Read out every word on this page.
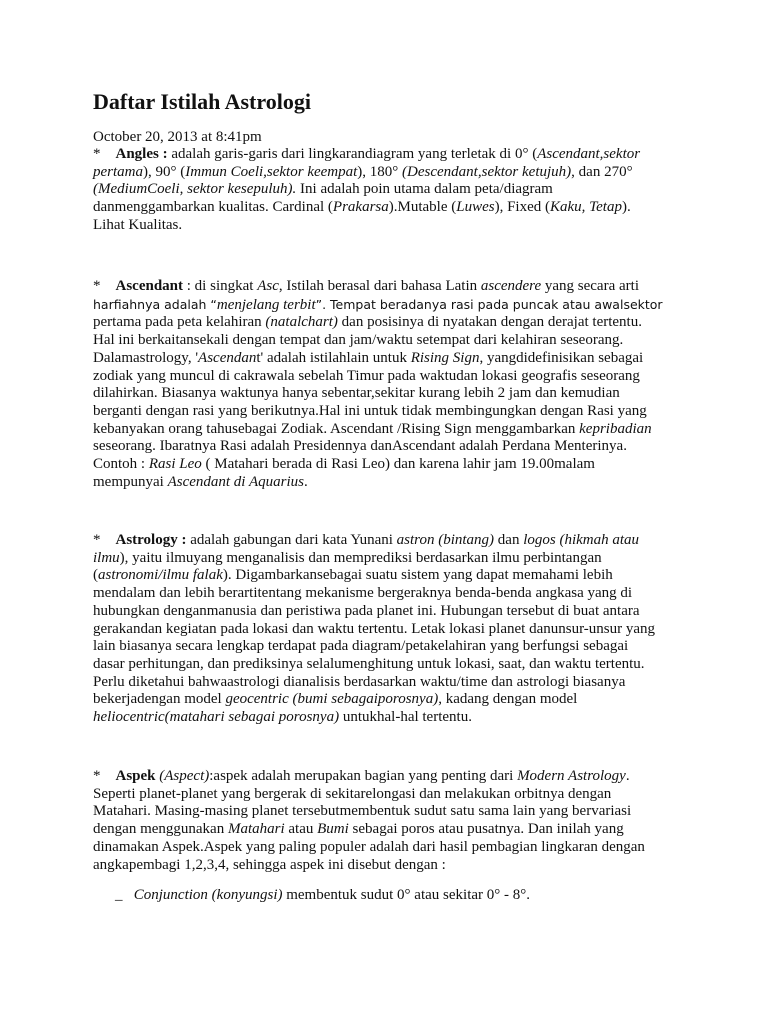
Daftar Istilah Astrologi

October 20, 2013 at 8:41pm

* Angles : adalah garis-garis dari lingkarandiagram yang terletak di 0° (Ascendant,sektor
pertama), 90° (Immun Coeli,sektor keempat), 180° (Descendant,sektor ketujuh), dan 270°
(MediumCoeli, sektor kesepuluh). Ini adalah poin utama dalam peta/diagram
danmenggambarkan kualitas. Cardinal (Prakarsa).Mutable (Luwes), Fixed (Kaku, Tetap).
Lihat Kualitas.

* Ascendant : di singkat Asc, Istilah berasal dari bahasa Latin ascendere yang secara arti
harfiahnya adalah “menjelang terbit”. Tempat beradanya rasi pada puncak atau awalsektor
pertama pada peta kelahiran (natalchart) dan posisinya di nyatakan dengan derajat tertentu.
Hal ini berkaitansekali dengan tempat dan jam/waktu setempat dari kelahiran seseorang.
Dalamastrology, 'Ascendant' adalah istilahlain untuk Rising Sign, yangdidefinisikan sebagai
zodiak yang muncul di cakrawala sebelah Timur pada waktudan lokasi geografis seseorang
dilahirkan. Biasanya waktunya hanya sebentar,sekitar kurang lebih 2 jam dan kemudian
berganti dengan rasi yang berikutnya.Hal ini untuk tidak membingungkan dengan Rasi yang
kebanyakan orang tahusebagai Zodiak. Ascendant /Rising Sign menggambarkan kepribadian
seseorang. Ibaratnya Rasi adalah Presidennya danAscendant adalah Perdana Menterinya.
Contoh : Rasi Leo ( Matahari berada di Rasi Leo) dan karena lahir jam 19.00malam
mempunyai Ascendant di Aquarius.

* Astrology : adalah gabungan dari kata Yunani astron (bintang) dan logos (hikmah atau
ilmu), yaitu ilmuyang menganalisis dan memprediksi berdasarkan ilmu perbintangan
(astronomi/ilmu falak). Digambarkansebagai suatu sistem yang dapat memahami lebih
mendalam dan lebih berartitentang mekanisme bergeraknya benda-benda angkasa yang di
hubungkan denganmanusia dan peristiwa pada planet ini. Hubungan tersebut di buat antara
gerakandan kegiatan pada lokasi dan waktu tertentu. Letak lokasi planet danunsur-unsur yang
lain biasanya secara lengkap terdapat pada diagram/petakelahiran yang berfungsi sebagai
dasar perhitungan, dan prediksinya selalumenghitung untuk lokasi, saat, dan waktu tertentu.
Perlu diketahui bahwaastrologi dianalisis berdasarkan waktu/time dan astrologi biasanya
bekerjadengan model geocentric (bumi sebagaiporosnya), kadang dengan model
heliocentric(matahari sebagai porosnya) untukhal-hal tertentu.

* Aspek (Aspect):aspek adalah merupakan bagian yang penting dari Modern Astrology.
Seperti planet-planet yang bergerak di sekitarelongasi dan melakukan orbitnya dengan
Matahari. Masing-masing planet tersebutmembentuk sudut satu sama lain yang bervariasi
dengan menggunakan Matahari atau Bumi sebagai poros atau pusatnya. Dan inilah yang
dinamakan Aspek.Aspek yang paling populer adalah dari hasil pembagian lingkaran dengan
angkapembagi 1,2,3,4, sehingga aspek ini disebut dengan :

_ Conjunction (konyungsi) membentuk sudut 0° atau sekitar 0° - 8°.
